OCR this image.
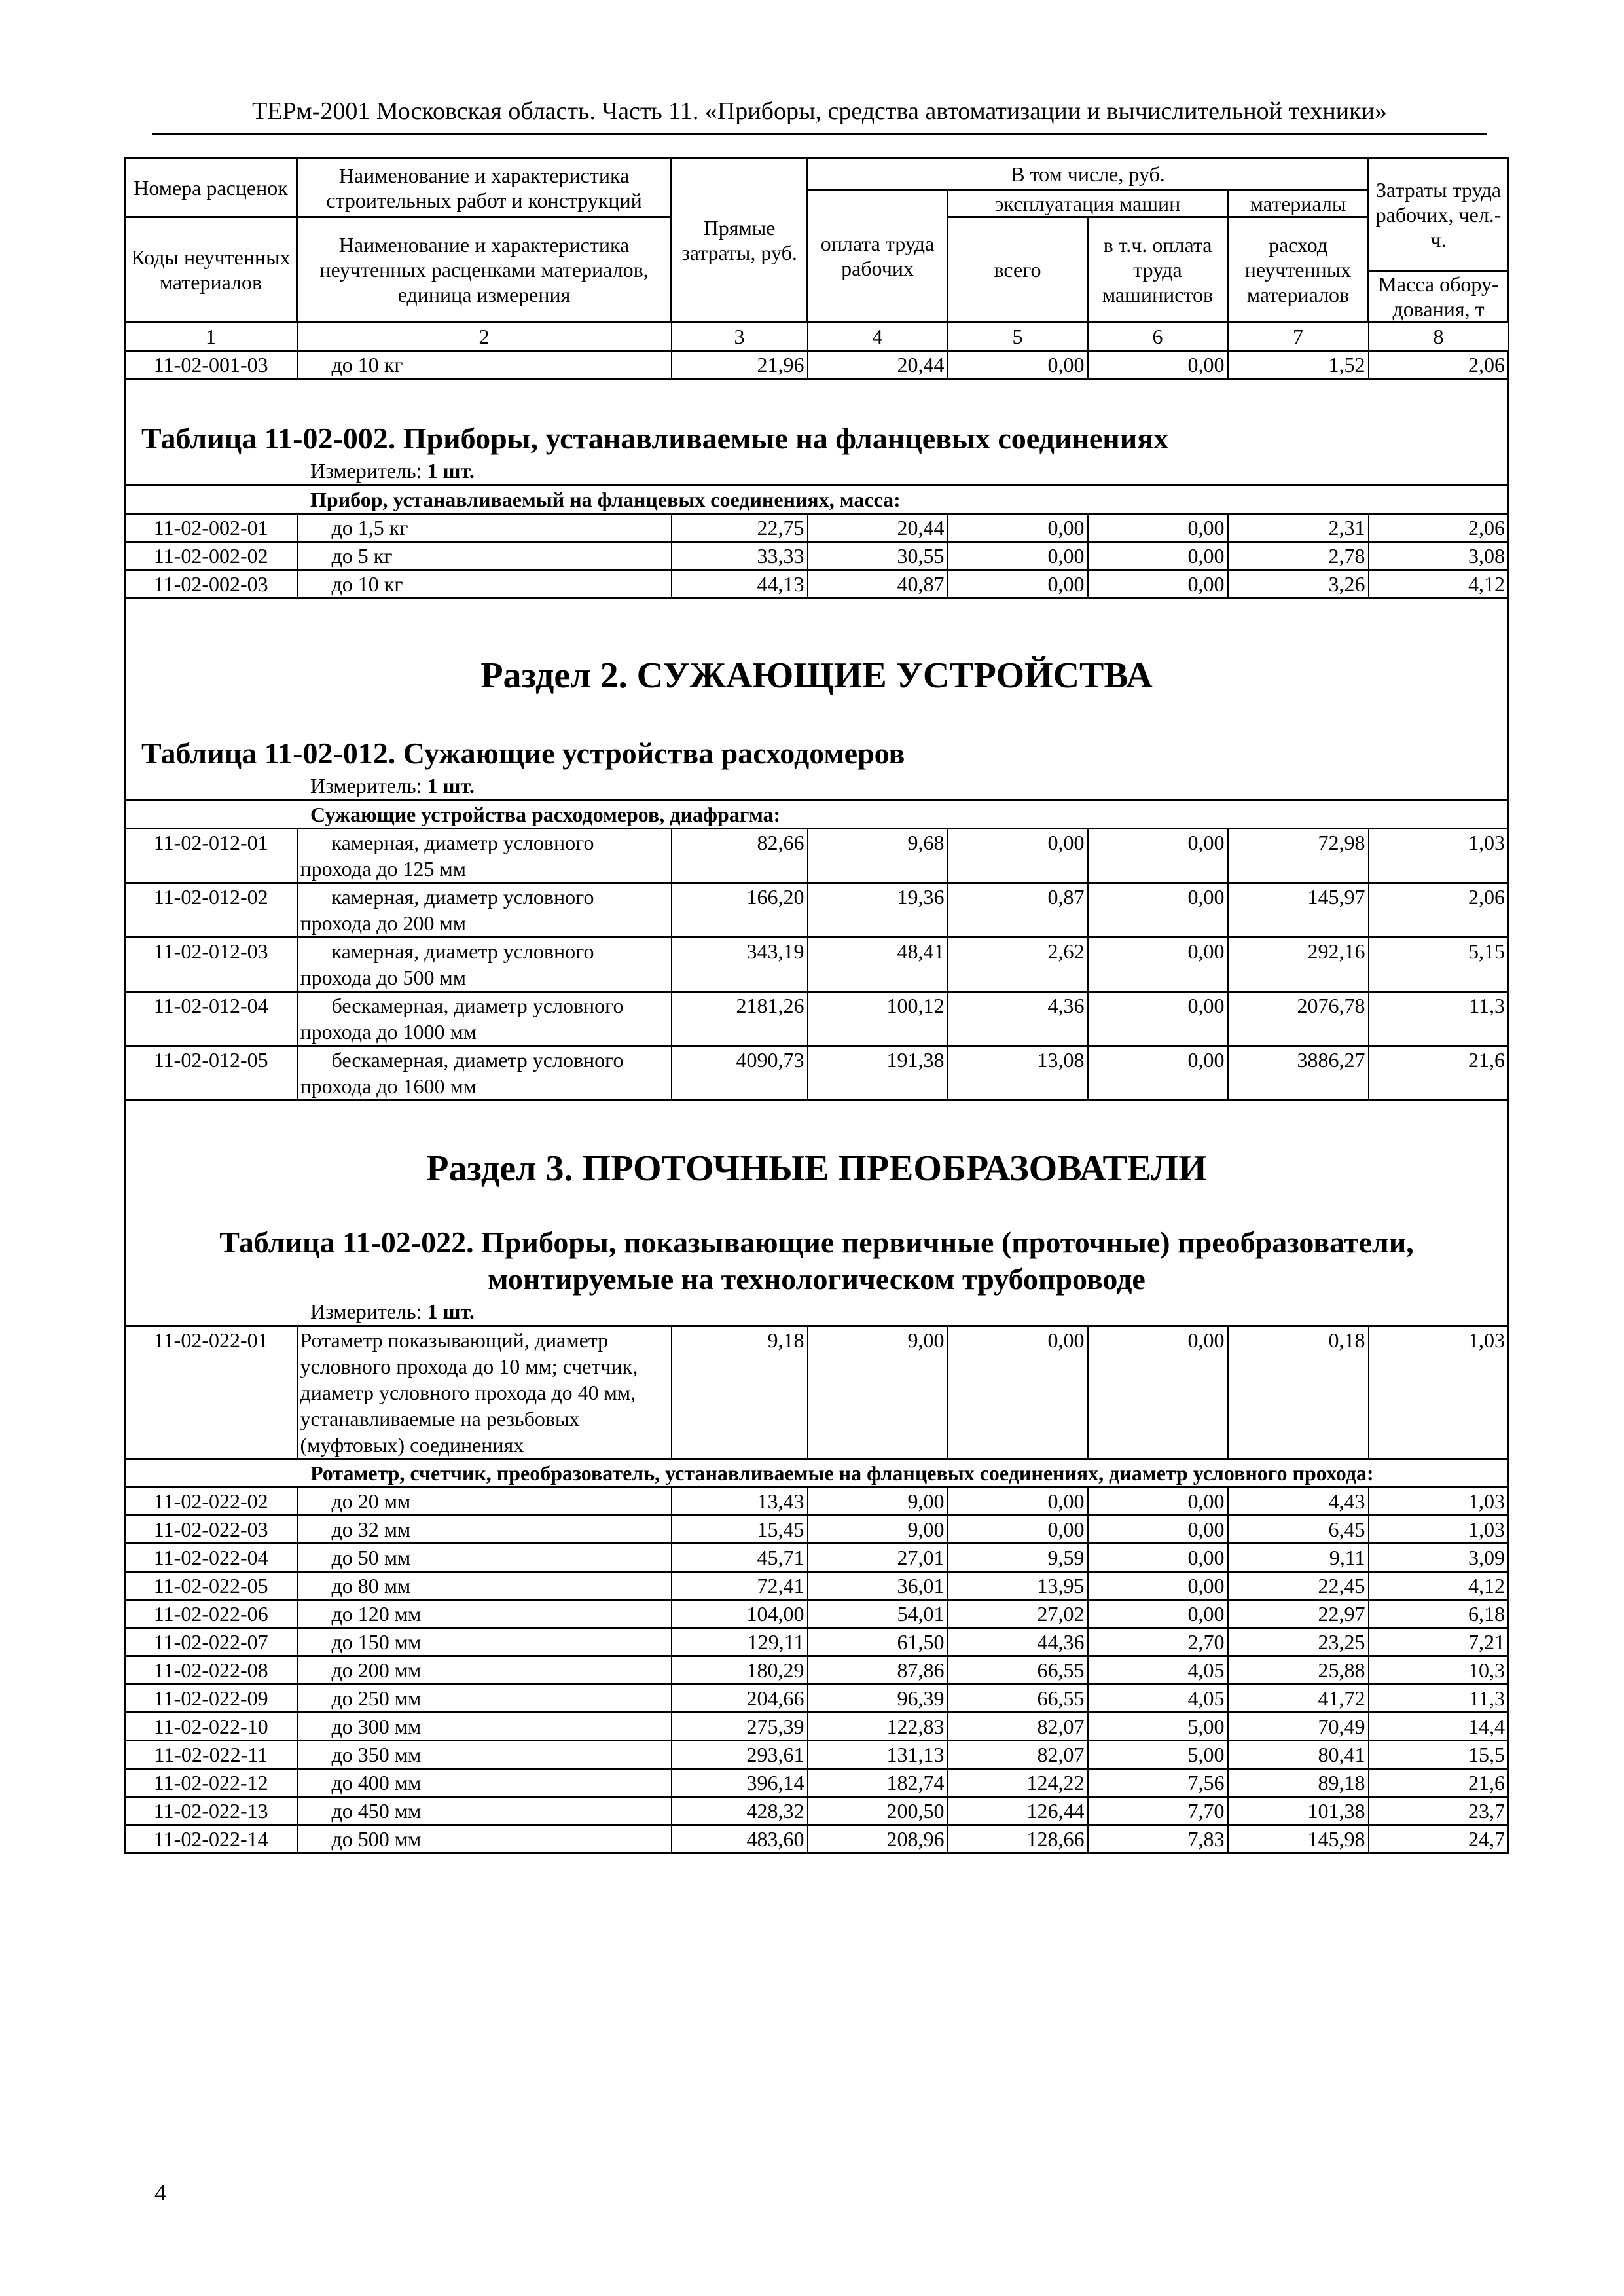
ТЕРм-2001 Московская область. Часть 11. «Приборы, средства автоматизации и вычислительной техники»
Номера расценок	Наименование и характеристика строительных работ и конструкций	Прямые затраты, руб.	В том числе, руб.				Затраты труда рабочих, чел.-ч.
			оплата труда рабочих	эксплуатация машин		материалы	
Коды неучтенных материалов	Наименование и характеристика неучтенных расценками материалов, единица измерения			всего	в т.ч. оплата труда машинистов	расход неучтенных материалов	
							Масса обору-дования, т
1	2	3	4	5	6	7	8
11-02-001-03	до 10 кг	21,96	20,44	0,00	0,00	1,52	2,06

Таблица 11-02-002. Приборы, устанавливаемые на фланцевых соединениях
Измеритель: 1 шт.							

Прибор, устанавливаемый на фланцевых соединениях, масса:							
11-02-002-01	до 1,5 кг	22,75	20,44	0,00	0,00	2,31	2,06
11-02-002-02	до 5 кг	33,33	30,55	0,00	0,00	2,78	3,08
11-02-002-03	до 10 кг	44,13	40,87	0,00	0,00	3,26	4,12

Раздел 2. СУЖАЮЩИЕ УСТРОЙСТВА
Таблица 11-02-012. Сужающие устройства расходомеров
Измеритель: 1 шт.							

Сужающие устройства расходомеров, диафрагма:							
11-02-012-01	камерная, диаметр условного прохода до 125 мм	82,66	9,68	0,00	0,00	72,98	1,03
11-02-012-02	камерная, диаметр условного прохода до 200 мм	166,20	19,36	0,87	0,00	145,97	2,06
11-02-012-03	камерная, диаметр условного прохода до 500 мм	343,19	48,41	2,62	0,00	292,16	5,15
11-02-012-04	бескамерная, диаметр условного прохода до 1000 мм	2181,26	100,12	4,36	0,00	2076,78	11,3
11-02-012-05	бескамерная, диаметр условного прохода до 1600 мм	4090,73	191,38	13,08	0,00	3886,27	21,6

Раздел 3. ПРОТОЧНЫЕ ПРЕОБРАЗОВАТЕЛИ
Таблица 11-02-022. Приборы, показывающие первичные (проточные) преобразователи,
монтируемые на технологическом трубопроводе
Измеритель: 1 шт.							

11-02-022-01	Ротаметр показывающий, диаметр условного прохода до 10 мм; счетчик, диаметр условного прохода до 40 мм, устанавливаемые на резьбовых (муфтовых) соединениях	9,18	9,00	0,00	0,00	0,18	1,03
Ротаметр, счетчик, преобразователь, устанавливаемые на фланцевых соединениях, диаметр условного прохода:							
11-02-022-02	до 20 мм	13,43	9,00	0,00	0,00	4,43	1,03
11-02-022-03	до 32 мм	15,45	9,00	0,00	0,00	6,45	1,03
11-02-022-04	до 50 мм	45,71	27,01	9,59	0,00	9,11	3,09
11-02-022-05	до 80 мм	72,41	36,01	13,95	0,00	22,45	4,12
11-02-022-06	до 120 мм	104,00	54,01	27,02	0,00	22,97	6,18
11-02-022-07	до 150 мм	129,11	61,50	44,36	2,70	23,25	7,21
11-02-022-08	до 200 мм	180,29	87,86	66,55	4,05	25,88	10,3
11-02-022-09	до 250 мм	204,66	96,39	66,55	4,05	41,72	11,3
11-02-022-10	до 300 мм	275,39	122,83	82,07	5,00	70,49	14,4
11-02-022-11	до 350 мм	293,61	131,13	82,07	5,00	80,41	15,5
11-02-022-12	до 400 мм	396,14	182,74	124,22	7,56	89,18	21,6
11-02-022-13	до 450 мм	428,32	200,50	126,44	7,70	101,38	23,7
11-02-022-14	до 500 мм	483,60	208,96	128,66	7,83	145,98	24,7
4
